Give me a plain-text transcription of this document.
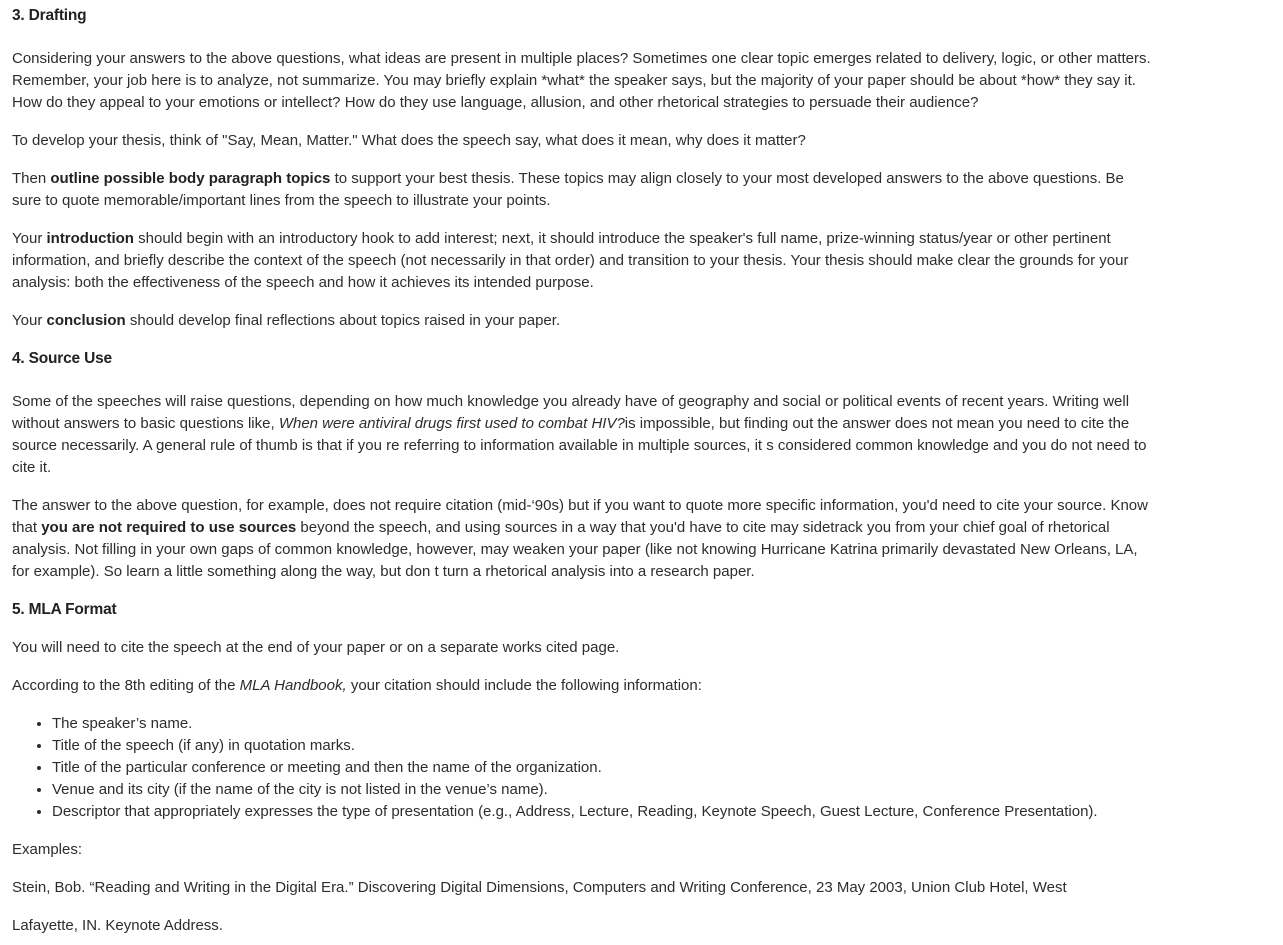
3. Drafting

Considering your answers to the above questions, what ideas are present in multiple places? Sometimes one clear topic emerges related to delivery, logic, or other matters. Remember, your job here is to analyze, not summarize. You may briefly explain *what* the speaker says, but the majority of your paper should be about *how* they say it. How do they appeal to your emotions or intellect? How do they use language, allusion, and other rhetorical strategies to persuade their audience?

To develop your thesis, think of "Say, Mean, Matter." What does the speech say, what does it mean, why does it matter?

Then outline possible body paragraph topics to support your best thesis. These topics may align closely to your most developed answers to the above questions. Be sure to quote memorable/important lines from the speech to illustrate your points.

Your introduction should begin with an introductory hook to add interest; next, it should introduce the speaker's full name, prize-winning status/year or other pertinent information, and briefly describe the context of the speech (not necessarily in that order) and transition to your thesis. Your thesis should make clear the grounds for your analysis: both the effectiveness of the speech and how it achieves its intended purpose.

Your conclusion should develop final reflections about topics raised in your paper.

4. Source Use

Some of the speeches will raise questions, depending on how much knowledge you already have of geography and social or political events of recent years. Writing well without answers to basic questions like, When were antiviral drugs first used to combat HIV?is impossible, but finding out the answer does not mean you need to cite the source necessarily. A general rule of thumb is that if you re referring to information available in multiple sources, it s considered common knowledge and you do not need to cite it.

The answer to the above question, for example, does not require citation (mid-‘90s) but if you want to quote more specific information, you'd need to cite your source. Know that you are not required to use sources beyond the speech, and using sources in a way that you'd have to cite may sidetrack you from your chief goal of rhetorical analysis. Not filling in your own gaps of common knowledge, however, may weaken your paper (like not knowing Hurricane Katrina primarily devastated New Orleans, LA, for example). So learn a little something along the way, but don t turn a rhetorical analysis into a research paper.

5. MLA Format

You will need to cite the speech at the end of your paper or on a separate works cited page.

According to the 8th editing of the MLA Handbook, your citation should include the following information:

• The speaker’s name.
• Title of the speech (if any) in quotation marks.
• Title of the particular conference or meeting and then the name of the organization.
• Venue and its city (if the name of the city is not listed in the venue’s name).
• Descriptor that appropriately expresses the type of presentation (e.g., Address, Lecture, Reading, Keynote Speech, Guest Lecture, Conference Presentation).

Examples:

Stein, Bob. “Reading and Writing in the Digital Era.” Discovering Digital Dimensions, Computers and Writing Conference, 23 May 2003, Union Club Hotel, West

Lafayette, IN. Keynote Address.
